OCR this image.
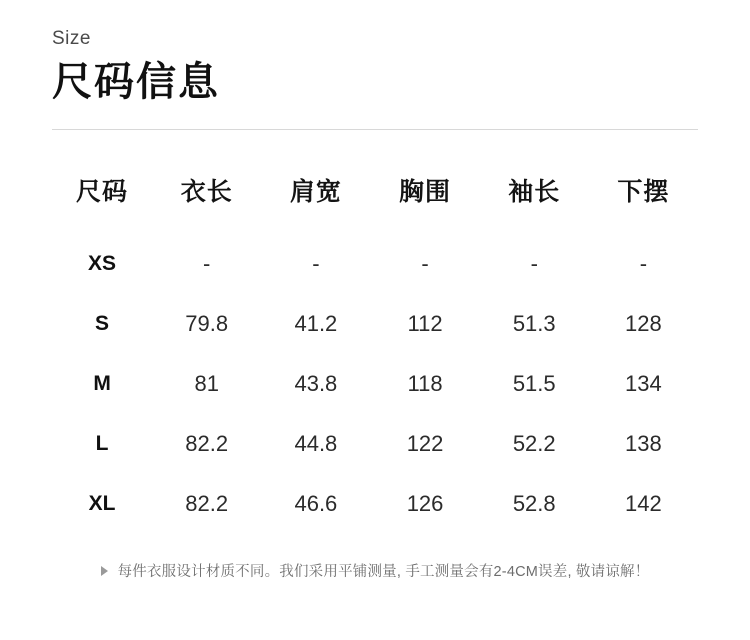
Size
尺码信息
尺码	衣长	肩宽	胸围	袖长	下摆
XS	-	-	-	-	-
S	79.8	41.2	112	51.3	128
M	81	43.8	118	51.5	134
L	82.2	44.8	122	52.2	138
XL	82.2	46.6	126	52.8	142
每件衣服设计材质不同。我们采用平铺测量, 手工测量会有2-4CM误差, 敬请谅解！
